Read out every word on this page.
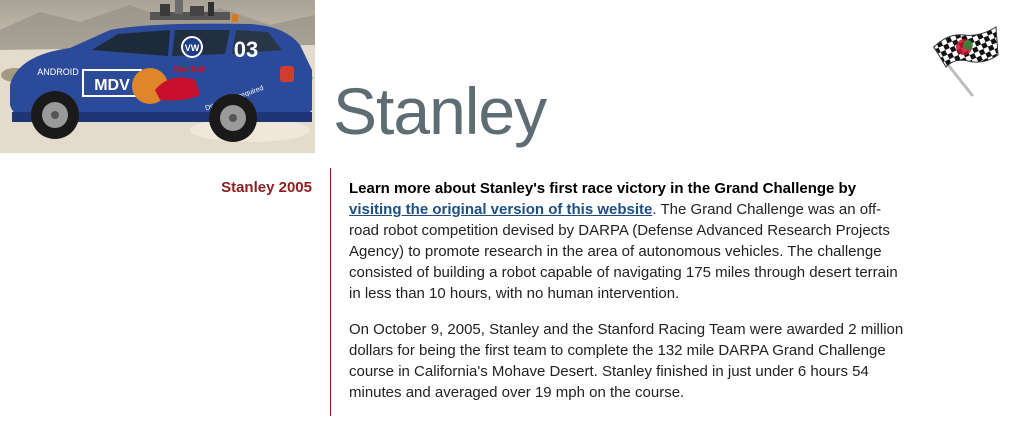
MDV
ANDROID	Red Bull
VW 03
required Stanley
Stanley 2005 Learn more about Stanley's first race victory in the Grand Challenge by visiting the original version of this website. The Grand Challenge was an off-road robot competition devised by DARPA (Defense Advanced Research Projects Agency) to promote research in the area of autonomous vehicles. The challenge consisted of building a robot capable of navigating 175 miles through desert terrain in less than 10 hours, with no human intervention.

On October 9, 2005, Stanley and the Stanford Racing Team were awarded 2 million dollars for being the first team to complete the 132 mile DARPA Grand Challenge course in California's Mohave Desert. Stanley finished in just under 6 hours 54 minutes and averaged over 19 mph on the course.
